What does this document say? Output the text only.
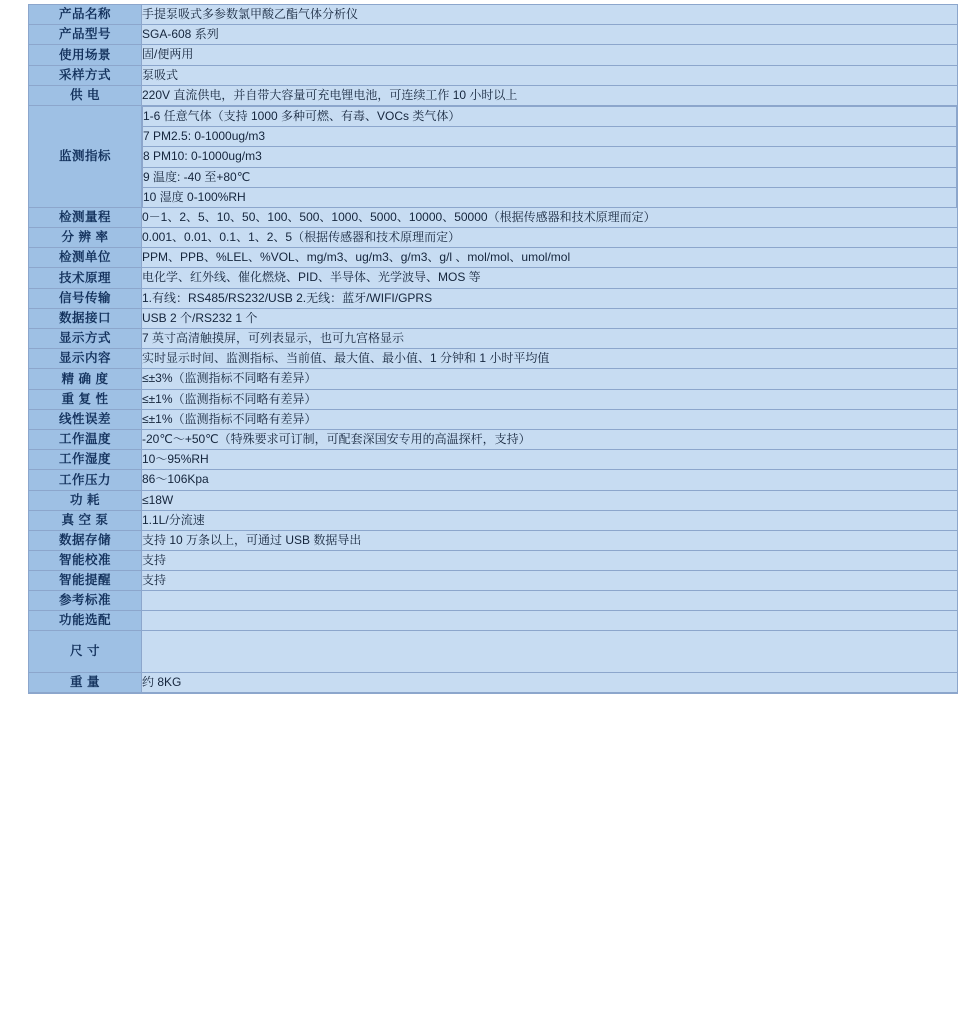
产品名称	手提泵吸式多参数氯甲酸乙酯气体分析仪
产品型号	SGA-608 系列
使用场景	固/便两用
采样方式	泵吸式
供 电	220V 直流供电，并自带大容量可充电锂电池，可连续工作 10 小时以上
监测指标	
1-6 任意气体（支持 1000 多种可燃、有毒、VOCs 类气体）
7 PM2.5: 0-1000ug/m3
8 PM10: 0-1000ug/m3
9 温度: -40 至+80℃
10 湿度 0-100%RH

检测量程	0－1、2、5、10、50、100、500、1000、5000、10000、50000（根据传感器和技术原理而定）
分 辨 率	0.001、0.01、0.1、1、2、5（根据传感器和技术原理而定）
检测单位	PPM、PPB、%LEL、%VOL、mg/m3、ug/m3、g/m3、g/l 、mol/mol、umol/mol
技术原理	电化学、红外线、催化燃烧、PID、半导体、光学波导、MOS 等
信号传输	1.有线：RS485/RS232/USB 2.无线：蓝牙/WIFI/GPRS
数据接口	USB 2 个/RS232 1 个
显示方式	7 英寸高清触摸屏，可列表显示，也可九宫格显示
显示内容	实时显示时间、监测指标、当前值、最大值、最小值、1 分钟和 1 小时平均值
精 确 度	≤±3%（监测指标不同略有差异）
重 复 性	≤±1%（监测指标不同略有差异）
线性误差	≤±1%（监测指标不同略有差异）
工作温度	-20℃～+50℃（特殊要求可订制，可配套深国安专用的高温探杆，支持）
工作湿度	10～95%RH
工作压力	86～106Kpa
功 耗	≤18W
真 空 泵	1.1L/分流速
数据存储	支持 10 万条以上，可通过 USB 数据导出
智能校准	支持
智能提醒	支持
参考标准	
功能选配	

尺 寸	

重 量	约 8KG
